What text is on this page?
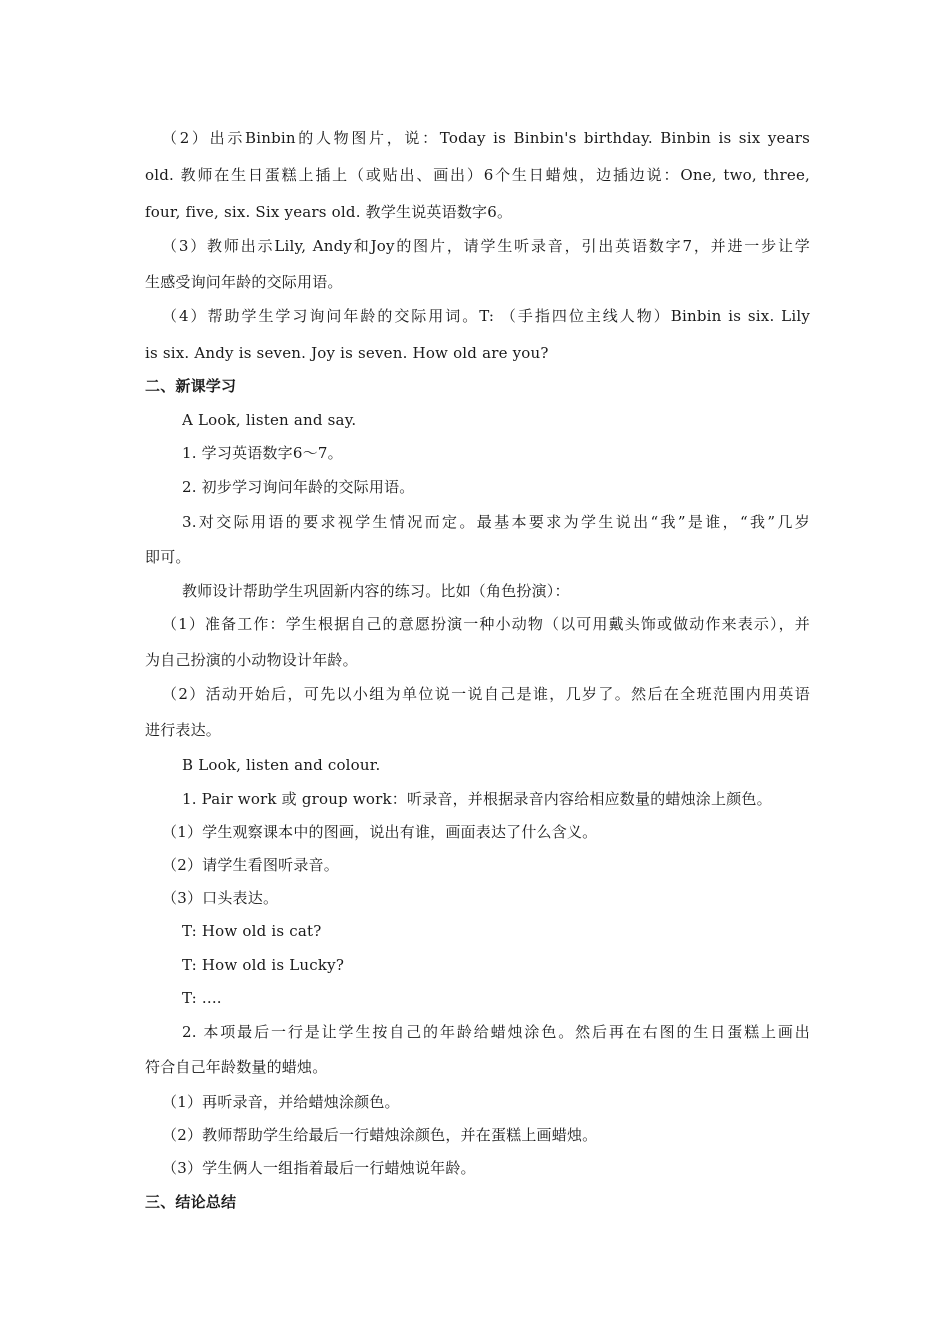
（2）出示Binbin的人物图片，说：Today is Binbin's birthday. Binbin is six years
old. 教师在生日蛋糕上插上（或贴出、画出）6个生日蜡烛，边插边说：One, two, three,
four, five, six. Six years old. 教学生说英语数字6。
（3）教师出示Lily, Andy和Joy的图片，请学生听录音，引出英语数字7，并进一步让学
生感受询问年龄的交际用语。
（4）帮助学生学习询问年龄的交际用词。T: （手指四位主线人物）Binbin is six. Lily
is six. Andy is seven. Joy is seven. How old are you?
二、新课学习
A Look, listen and say.
1. 学习英语数字6～7。
2. 初步学习询问年龄的交际用语。
3.对交际用语的要求视学生情况而定。最基本要求为学生说出“我”是谁，“我”几岁
即可。
教师设计帮助学生巩固新内容的练习。比如（角色扮演）：
（1）准备工作：学生根据自己的意愿扮演一种小动物（以可用戴头饰或做动作来表示），并
为自己扮演的小动物设计年龄。
（2）活动开始后，可先以小组为单位说一说自己是谁，几岁了。然后在全班范围内用英语
进行表达。
B Look, listen and colour.
1. Pair work 或 group work：听录音，并根据录音内容给相应数量的蜡烛涂上颜色。
（1）学生观察课本中的图画，说出有谁，画面表达了什么含义。
（2）请学生看图听录音。
（3）口头表达。
T: How old is cat?
T: How old is Lucky?
T: ....
2. 本项最后一行是让学生按自己的年龄给蜡烛涂色。然后再在右图的生日蛋糕上画出
符合自己年龄数量的蜡烛。
（1）再听录音，并给蜡烛涂颜色。
（2）教师帮助学生给最后一行蜡烛涂颜色，并在蛋糕上画蜡烛。
（3）学生俩人一组指着最后一行蜡烛说年龄。
三、结论总结
